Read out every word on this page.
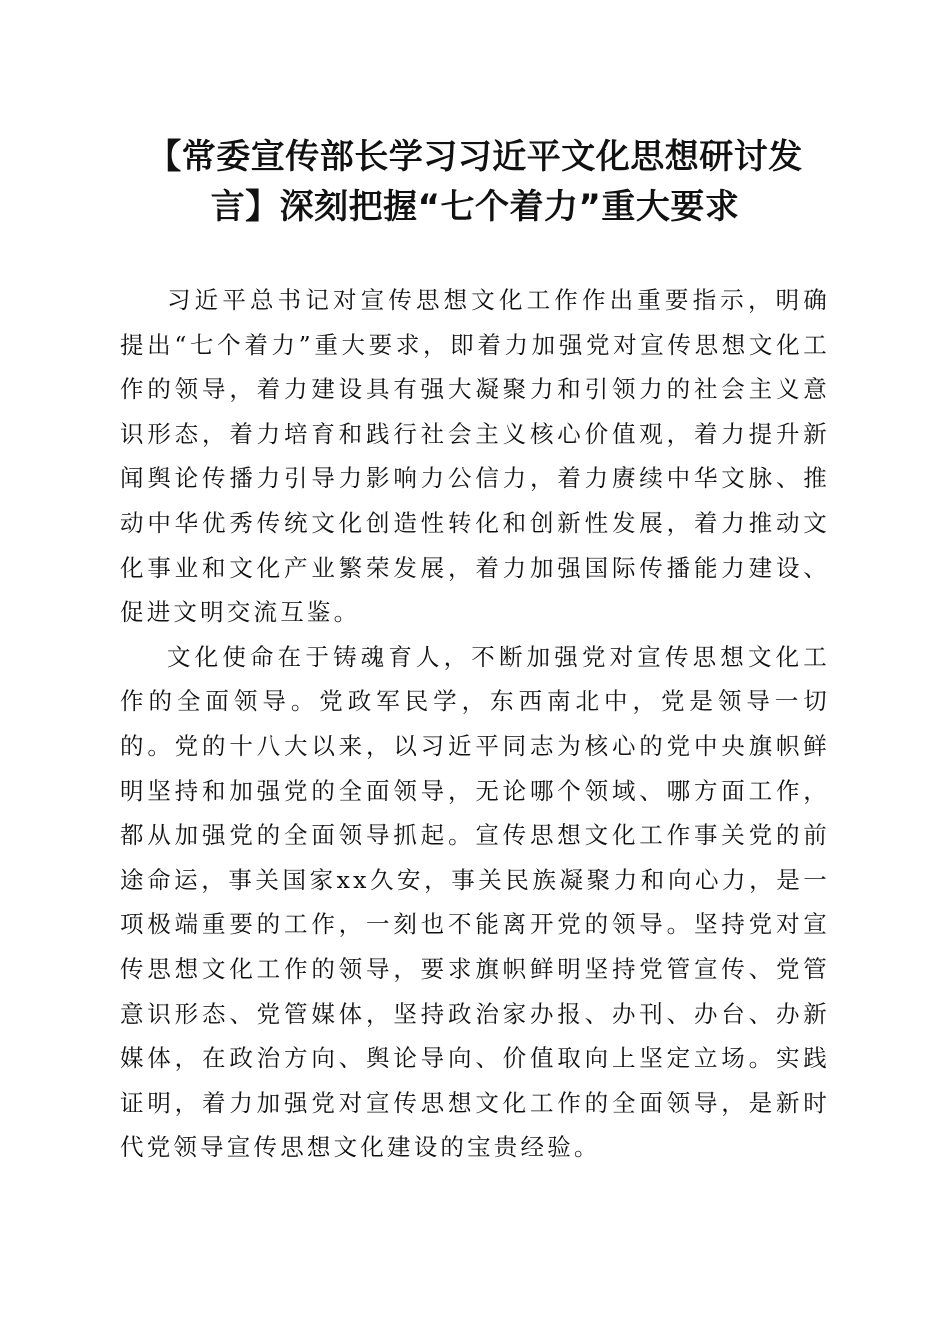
【常委宣传部长学习习近平文化思想研讨发
言】深刻把握“七个着力”重大要求

习近平总书记对宣传思想文化工作作出重要指示，明确提出“七个着力”重大要求，即着力加强党对宣传思想文化工作的领导，着力建设具有强大凝聚力和引领力的社会主义意识形态，着力培育和践行社会主义核心价值观，着力提升新闻舆论传播力引导力影响力公信力，着力赓续中华文脉、推动中华优秀传统文化创造性转化和创新性发展，着力推动文化事业和文化产业繁荣发展，着力加强国际传播能力建设、促进文明交流互鉴。

文化使命在于铸魂育人，不断加强党对宣传思想文化工作的全面领导。党政军民学，东西南北中，党是领导一切的。党的十八大以来，以习近平同志为核心的党中央旗帜鲜明坚持和加强党的全面领导，无论哪个领域、哪方面工作，都从加强党的全面领导抓起。宣传思想文化工作事关党的前途命运，事关国家xx久安，事关民族凝聚力和向心力，是一项极端重要的工作，一刻也不能离开党的领导。坚持党对宣传思想文化工作的领导，要求旗帜鲜明坚持党管宣传、党管意识形态、党管媒体，坚持政治家办报、办刊、办台、办新媒体，在政治方向、舆论导向、价值取向上坚定立场。实践证明，着力加强党对宣传思想文化工作的全面领导，是新时代党领导宣传思想文化建设的宝贵经验。
